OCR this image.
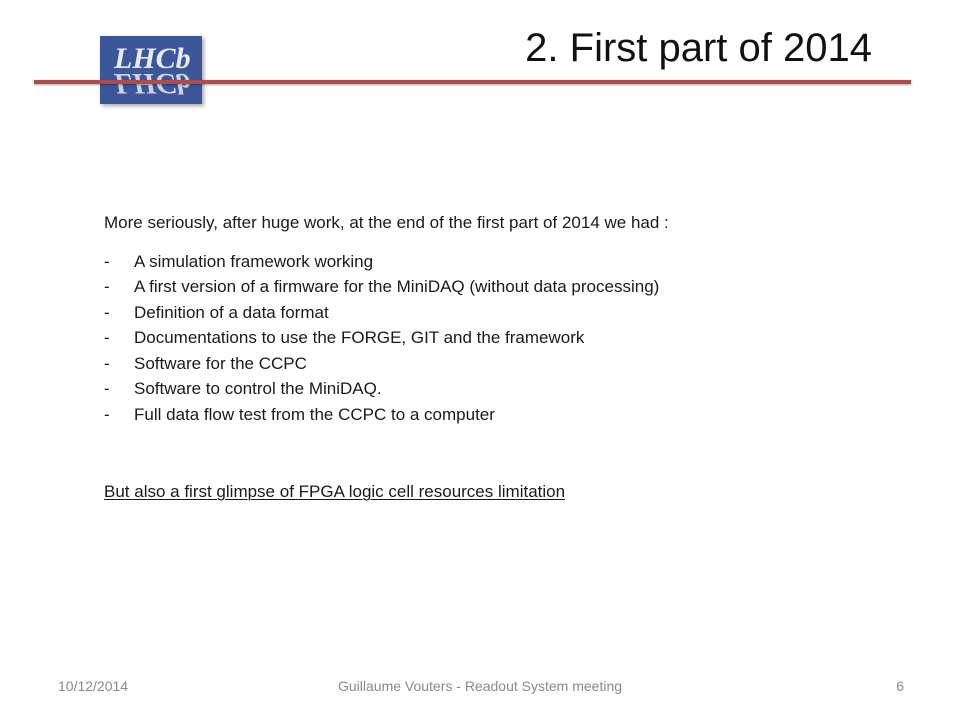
2. First part of 2014
LHCb

More seriously, after huge work, at the end of the first part of 2014 we had :

- A simulation framework working
- A first version of a firmware for the MiniDAQ (without data processing)
- Definition of a data format
- Documentations to use the FORGE, GIT and the framework
- Software for the CCPC
- Software to control the MiniDAQ.
- Full data flow test from the CCPC to a computer
But also a first glimpse of FPGA logic cell resources limitation
10/12/2014	Guillaume Vouters - Readout System meeting	6
